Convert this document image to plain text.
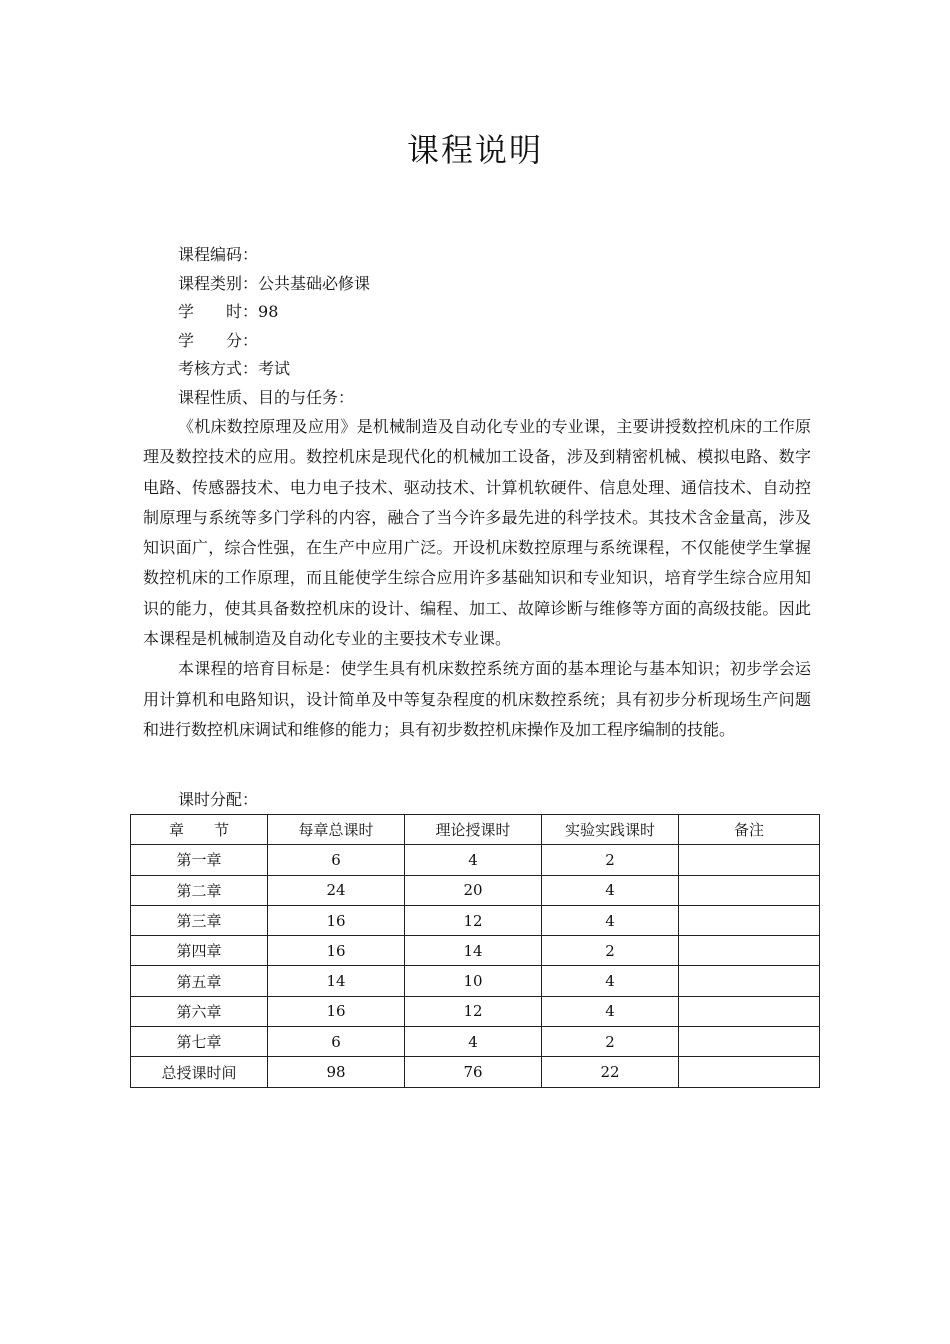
课程说明
课程编码：
课程类别：公共基础必修课
学　　时：98
学　　分：
考核方式：考试
课程性质、目的与任务：

《机床数控原理及应用》是机械制造及自动化专业的专业课，主要讲授数控机床的工作原理及数控技术的应用。数控机床是现代化的机械加工设备，涉及到精密机械、模拟电路、数字电路、传感器技术、电力电子技术、驱动技术、计算机软硬件、信息处理、通信技术、自动控制原理与系统等多门学科的内容，融合了当今许多最先进的科学技术。其技术含金量高，涉及知识面广，综合性强，在生产中应用广泛。开设机床数控原理与系统课程，不仅能使学生掌握数控机床的工作原理，而且能使学生综合应用许多基础知识和专业知识，培育学生综合应用知识的能力，使其具备数控机床的设计、编程、加工、故障诊断与维修等方面的高级技能。因此本课程是机械制造及自动化专业的主要技术专业课。

本课程的培育目标是：使学生具有机床数控系统方面的基本理论与基本知识；初步学会运用计算机和电路知识，设计简单及中等复杂程度的机床数控系统；具有初步分析现场生产问题和进行数控机床调试和维修的能力；具有初步数控机床操作及加工程序编制的技能。

课时分配：
章　　节	每章总课时	理论授课时	实验实践课时	备注
第一章	6	4	2	
第二章	24	20	4	
第三章	16	12	4	
第四章	16	14	2	
第五章	14	10	4	
第六章	16	12	4	
第七章	6	4	2	
总授课时间	98	76	22	
